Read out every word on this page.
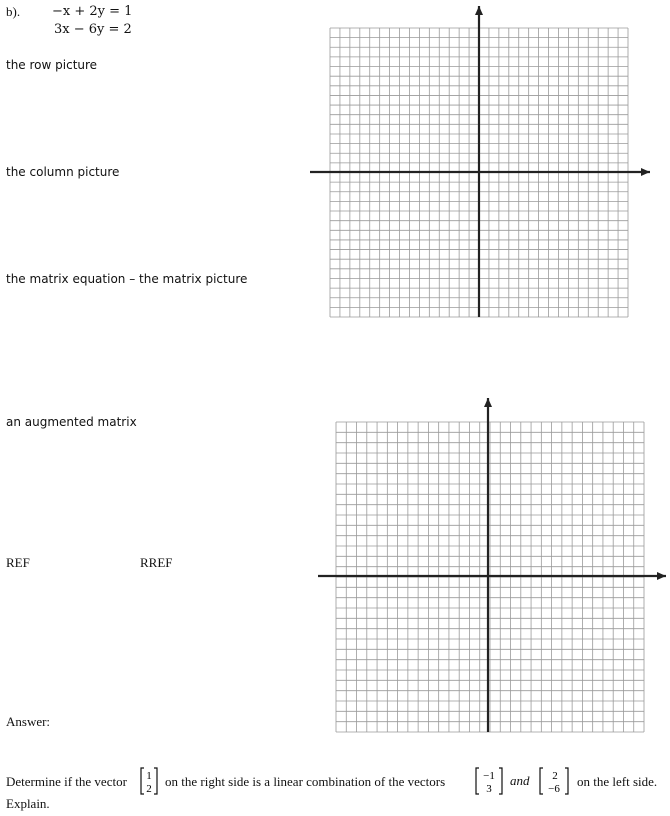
b). −x + 2y = 1
3x − 6y = 2
the row picture
the column picture
the matrix equation – the matrix picture
an augmented matrix
REF	RREF
Answer:
Determine if the vector 1
2 on the right side is a linear combination of the vectors	−1
3
and 2
−6 on the left side.
Explain.
